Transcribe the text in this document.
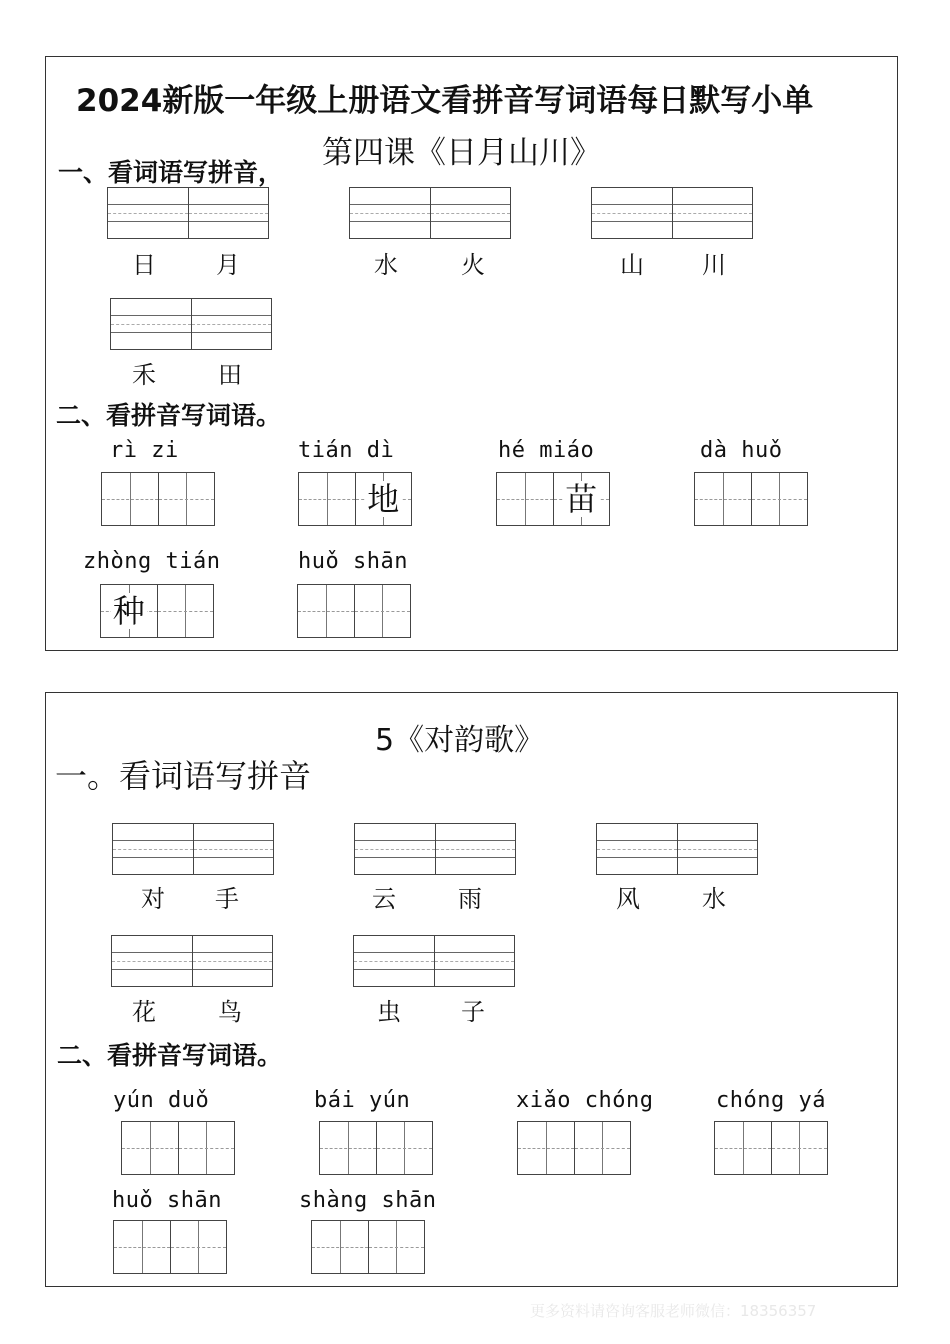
2024新版一年级上册语文看拼音写词语每日默写小单
第四课《日月山川》
一、看词语写拼音，
日	月	水	火	山 川
禾	田
二、看拼音写词语。
rì zi	tián dì	hé miáo	dà huǒ
地	苗
zhòng tián	huǒ shān
种
5《对韵歌》
一。看词语写拼音
对 手	云	雨	风	水
花	鸟	虫	子
二、看拼音写词语。
yún duǒ	bái yún	xiǎo chóng	chóng yá
huǒ shān	shàng shān
更多资料请咨询客服老师微信：18356357
